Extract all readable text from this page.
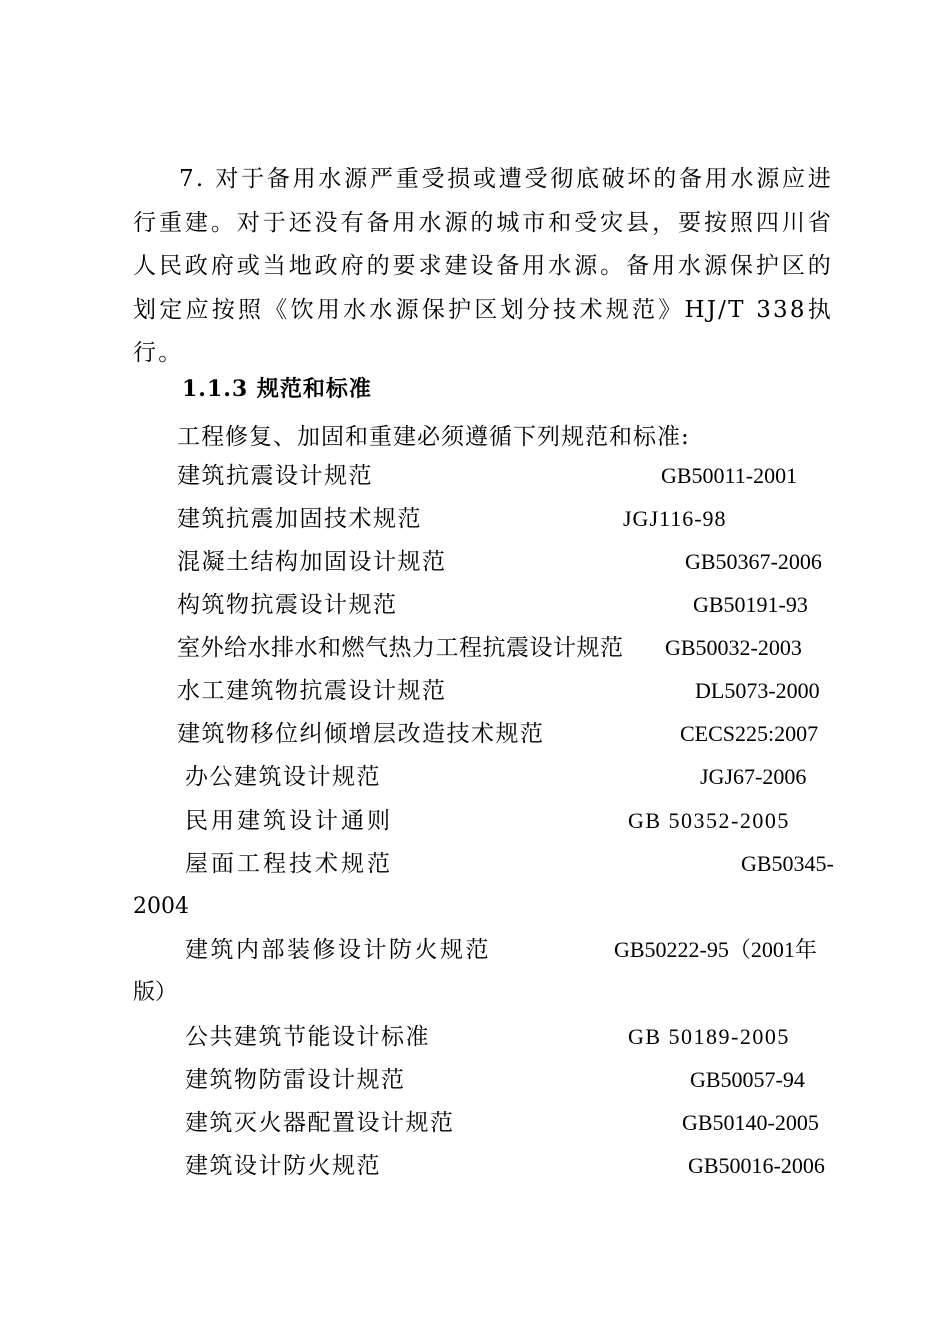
7. 对于备用水源严重受损或遭受彻底破坏的备用水源应进行重建。对于还没有备用水源的城市和受灾县，要按照四川省人民政府或当地政府的要求建设备用水源。备用水源保护区的划定应按照《饮用水水源保护区划分技术规范》HJ/T 338执行。

1.1.3 规范和标准

工程修复、加固和重建必须遵循下列规范和标准:

建筑抗震设计规范	GB50011-2001
建筑抗震加固技术规范	JGJ116-98
混凝土结构加固设计规范	GB50367-2006
构筑物抗震设计规范	GB50191-93
室外给水排水和燃气热力工程抗震设计规范 GB50032-2003
水工建筑物抗震设计规范	DL5073-2000
建筑物移位纠倾增层改造技术规范	CECS225:2007
办公建筑设计规范	JGJ67-2006
民用建筑设计通则	GB 50352-2005
屋面工程技术规范	GB50345-
2004
建筑内部装修设计防火规范	GB50222-95（2001年
版）
公共建筑节能设计标准	GB 50189-2005
建筑物防雷设计规范	GB50057-94
建筑灭火器配置设计规范	GB50140-2005
建筑设计防火规范	GB50016-2006
